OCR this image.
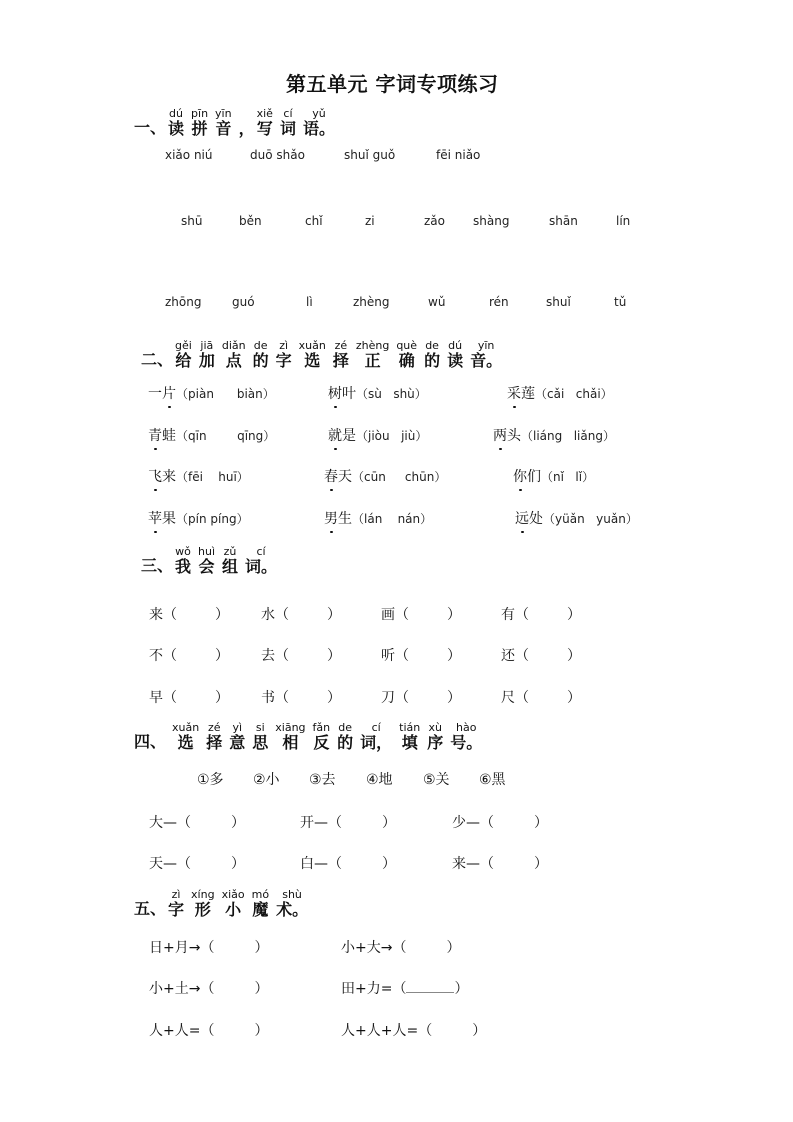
第五单元 字词专项练习
一、
dú
读
pīn
拼
yīn
音
，
xiě
写
cí
词
yǔ
语。
xiǎo niú	duō shǎo	shuǐ guǒ	fēi niǎo
shū	běn	chǐ	zi	zǎo shàng	shān	lín
zhōng	guó	lì	zhèng	wǔ	rén	shuǐ	tǔ
二、
gěi
给
jiā
加
diǎn
点
de
的
zì
字
xuǎn
选
zé
择
zhèng
正
què
确
de
的
dú
读
yīn
音。
一片（piàn biàn）	树叶（sù shù）	采莲（cǎi chǎi）
青蛙（qīn	qīng）	就是（jiòu jiù）	两头（liáng liǎng）
飞来（fēi huī）	春天（cūn chūn）	你们（nǐ lǐ）
苹果（pín píng）	男生（lán nán）	远处（yüǎn yuǎn）
三、
wǒ
我
huì
会
zǔ
组
cí
词。
来（	） 水（	）	画（	）	有（	）
不（	） 去（	）	听（	）	还（	）
早（	） 书（	）	刀（	）	尺（	）
四、
xuǎn
选
zé
择
yì
意
si
思
xiāng
相
fǎn
反
de
的
cí
词，
tián
填
xù
序
hào
号。
①多 ②小 ③去 ④地 ⑤关 ⑥黑
大—（	）	开—（	）	少—（	）
天—（	）	白—（	）	来—（	）
五、
zì
字
xíng
形
xiǎo
小
mó
魔
shù
术。
日+月→（	）	小+大→（	）
小+土→（	）	田+力=（	）
人+人=（	）	人+人+人=（	）
